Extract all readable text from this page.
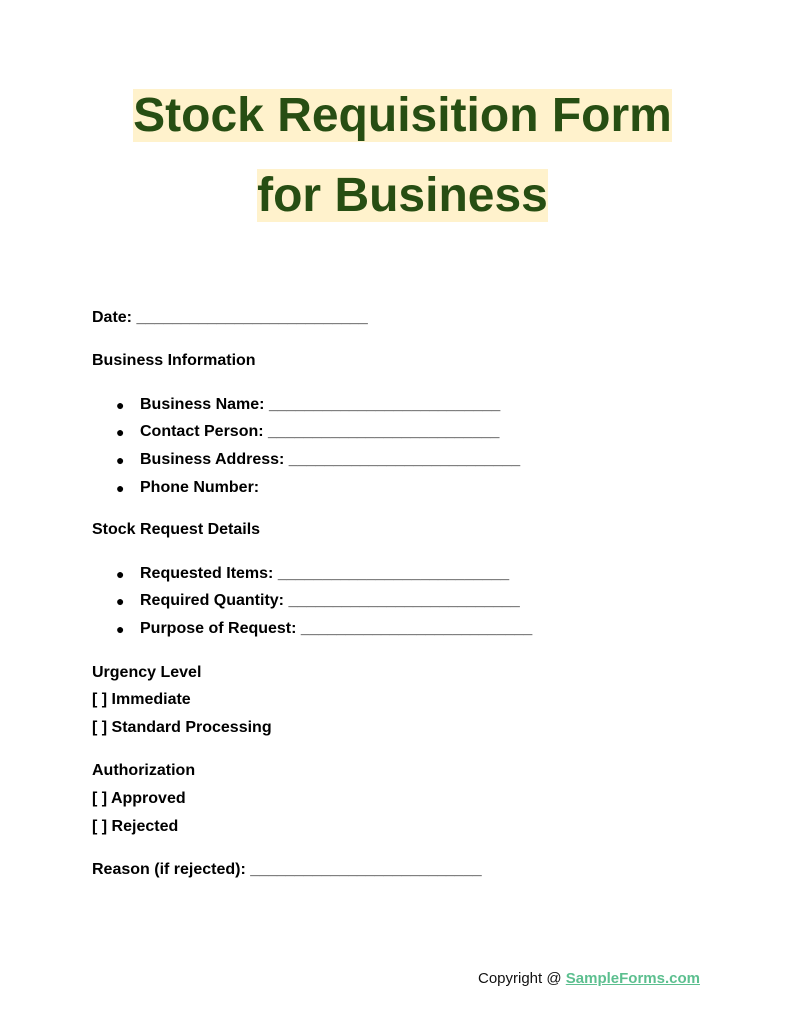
Stock Requisition Form
for Business
Date: __________________________
Business Information
● Business Name: __________________________
● Contact Person: __________________________
● Business Address: __________________________
● Phone Number:
Stock Request Details
● Requested Items: __________________________
● Required Quantity: __________________________
● Purpose of Request: __________________________
Urgency Level
[ ] Immediate
[ ] Standard Processing
Authorization
[ ] Approved
[ ] Rejected
Reason (if rejected): __________________________
Copyright @ SampleForms.com
